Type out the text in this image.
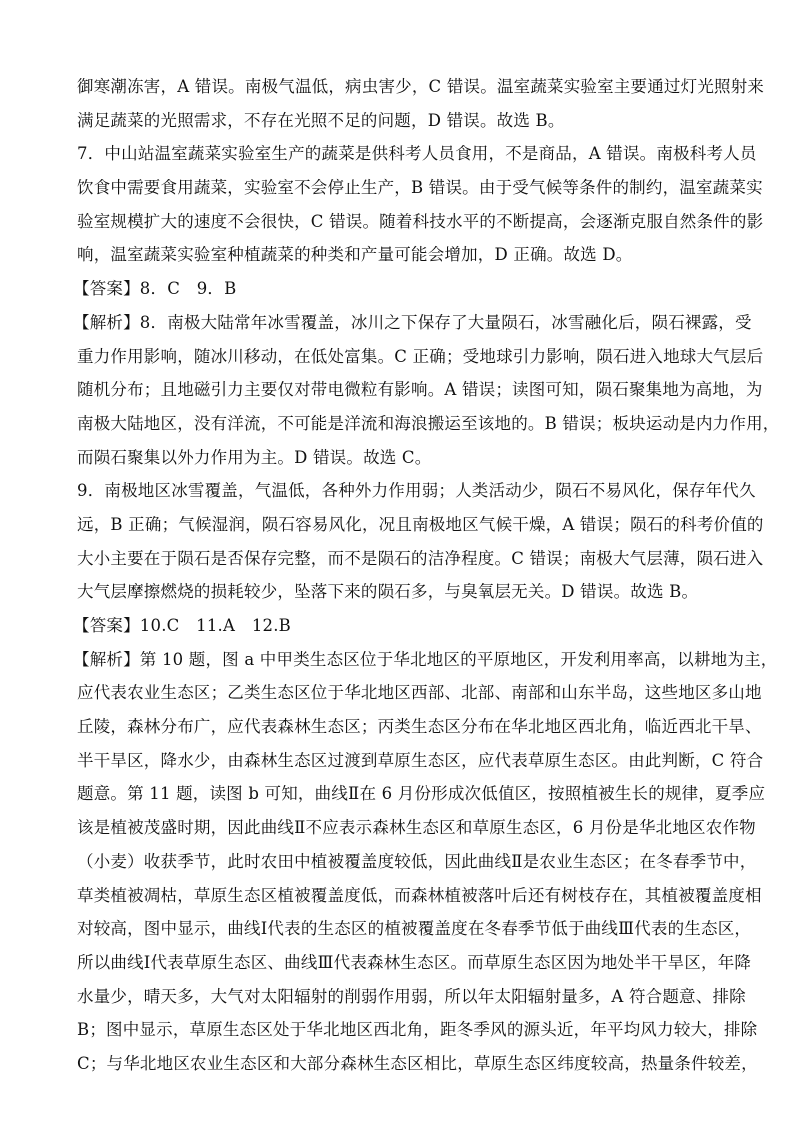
御寒潮冻害，A 错误。南极气温低，病虫害少，C 错误。温室蔬菜实验室主要通过灯光照射来
满足蔬菜的光照需求，不存在光照不足的问题，D 错误。故选 B。
7．中山站温室蔬菜实验室生产的蔬菜是供科考人员食用，不是商品，A 错误。南极科考人员
饮食中需要食用蔬菜，实验室不会停止生产，B 错误。由于受气候等条件的制约，温室蔬菜实
验室规模扩大的速度不会很快，C 错误。随着科技水平的不断提高，会逐渐克服自然条件的影
响，温室蔬菜实验室种植蔬菜的种类和产量可能会增加，D 正确。故选 D。
【答案】8．C　9．B
【解析】8．南极大陆常年冰雪覆盖，冰川之下保存了大量陨石，冰雪融化后，陨石裸露，受
重力作用影响，随冰川移动，在低处富集。C 正确；受地球引力影响，陨石进入地球大气层后
随机分布；且地磁引力主要仅对带电微粒有影响。A 错误；读图可知，陨石聚集地为高地，为
南极大陆地区，没有洋流，不可能是洋流和海浪搬运至该地的。B 错误；板块运动是内力作用，
而陨石聚集以外力作用为主。D 错误。故选 C。
9．南极地区冰雪覆盖，气温低，各种外力作用弱；人类活动少，陨石不易风化，保存年代久
远，B 正确；气候湿润，陨石容易风化，况且南极地区气候干燥，A 错误；陨石的科考价值的
大小主要在于陨石是否保存完整，而不是陨石的洁净程度。C 错误；南极大气层薄，陨石进入
大气层摩擦燃烧的损耗较少，坠落下来的陨石多，与臭氧层无关。D 错误。故选 B。
【答案】10.C　11.A　12.B
【解析】第 10 题，图 a 中甲类生态区位于华北地区的平原地区，开发利用率高，以耕地为主，
应代表农业生态区；乙类生态区位于华北地区西部、北部、南部和山东半岛，这些地区多山地
丘陵，森林分布广，应代表森林生态区；丙类生态区分布在华北地区西北角，临近西北干旱、
半干旱区，降水少，由森林生态区过渡到草原生态区，应代表草原生态区。由此判断，C 符合
题意。第 11 题，读图 b 可知，曲线Ⅱ在 6 月份形成次低值区，按照植被生长的规律，夏季应
该是植被茂盛时期，因此曲线Ⅱ不应表示森林生态区和草原生态区，6 月份是华北地区农作物
（小麦）收获季节，此时农田中植被覆盖度较低，因此曲线Ⅱ是农业生态区；在冬春季节中，
草类植被凋枯，草原生态区植被覆盖度低，而森林植被落叶后还有树枝存在，其植被覆盖度相
对较高，图中显示，曲线Ⅰ代表的生态区的植被覆盖度在冬春季节低于曲线Ⅲ代表的生态区，
所以曲线Ⅰ代表草原生态区、曲线Ⅲ代表森林生态区。而草原生态区因为地处半干旱区，年降
水量少，晴天多，大气对太阳辐射的削弱作用弱，所以年太阳辐射量多，A 符合题意、排除
B；图中显示，草原生态区处于华北地区西北角，距冬季风的源头近，年平均风力较大，排除
C；与华北地区农业生态区和大部分森林生态区相比，草原生态区纬度较高，热量条件较差，
